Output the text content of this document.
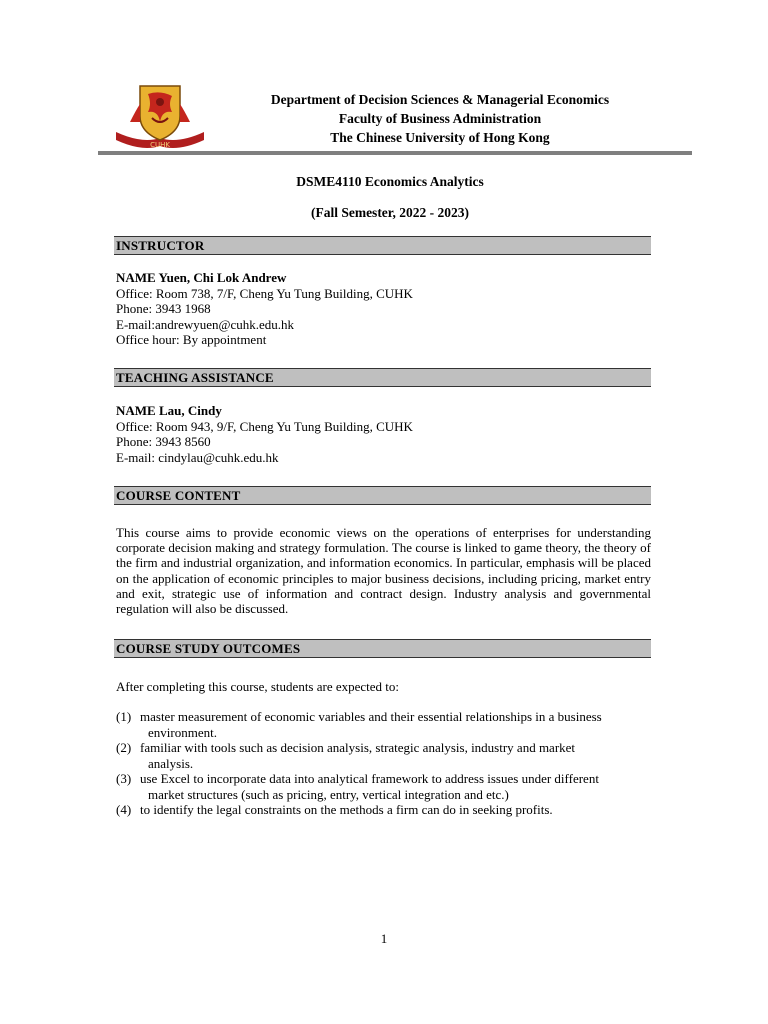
CUHK
Department of Decision Sciences & Managerial Economics
Faculty of Business Administration
The Chinese University of Hong Kong
DSME4110 Economics Analytics
(Fall Semester, 2022 - 2023)
INSTRUCTOR
NAME Yuen, Chi Lok Andrew
Office: Room 738, 7/F, Cheng Yu Tung Building, CUHK
Phone: 3943 1968
E-mail:andrewyuen@cuhk.edu.hk
Office hour: By appointment
TEACHING ASSISTANCE
NAME Lau, Cindy
Office: Room 943, 9/F, Cheng Yu Tung Building, CUHK
Phone: 3943 8560
E-mail: cindylau@cuhk.edu.hk
COURSE CONTENT
This course aims to provide economic views on the operations of enterprises for understanding corporate decision making and strategy formulation. The course is linked to game theory, the theory of the firm and industrial organization, and information economics. In particular, emphasis will be placed on the application of economic principles to major business decisions, including pricing, market entry and exit, strategic use of information and contract design. Industry analysis and governmental regulation will also be discussed.
COURSE STUDY OUTCOMES
After completing this course, students are expected to:
(1) master measurement of economic variables and their essential relationships in a business
environment.
(2) familiar with tools such as decision analysis, strategic analysis, industry and market
analysis.
(3) use Excel to incorporate data into analytical framework to address issues under different
market structures (such as pricing, entry, vertical integration and etc.)
(4) to identify the legal constraints on the methods a firm can do in seeking profits.
1
